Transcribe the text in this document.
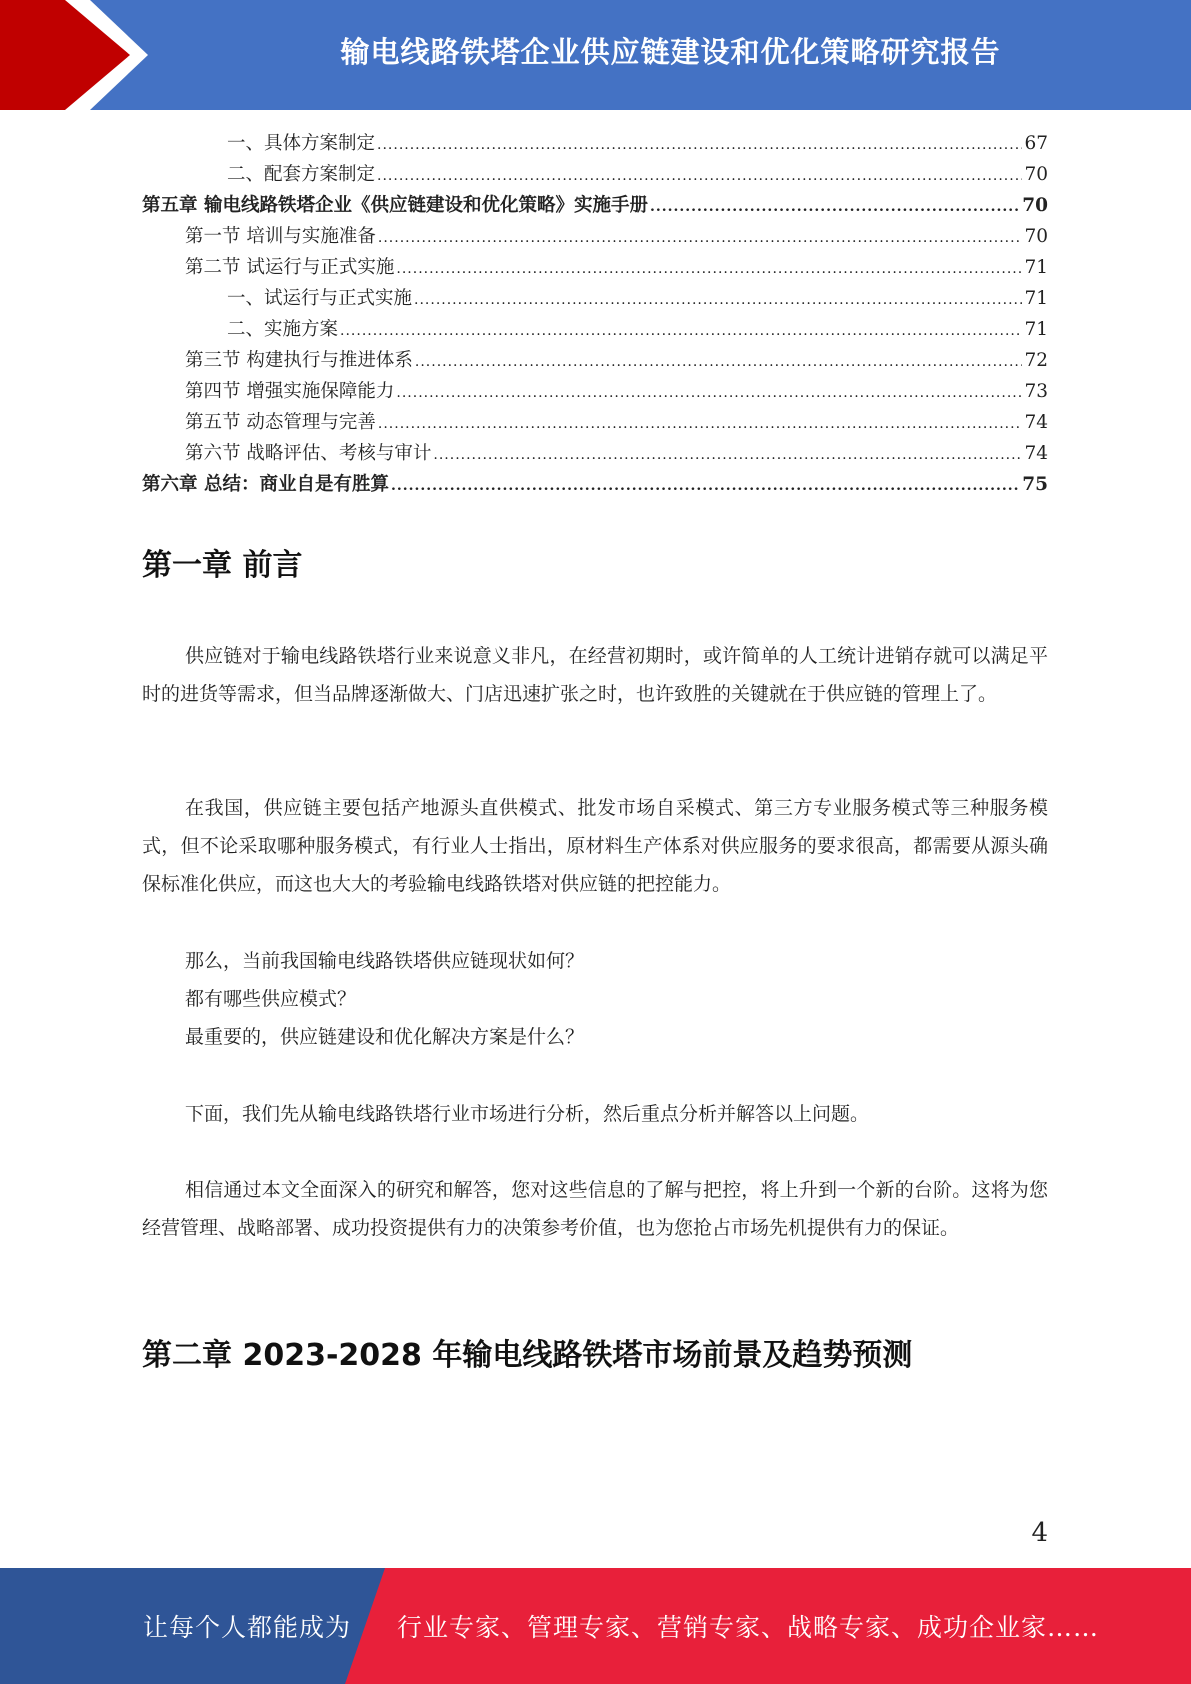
输电线路铁塔企业供应链建设和优化策略研究报告
一、具体方案制定 .....	67
二、配套方案制定 .....	70
第五章 输电线路铁塔企业《供应链建设和优化策略》实施手册 .....	70
第一节 培训与实施准备 .....	70
第二节 试运行与正式实施 .....	71
一、试运行与正式实施 .....	71
二、实施方案 .....	71
第三节 构建执行与推进体系 .....	72
第四节 增强实施保障能力 .....	73
第五节 动态管理与完善 .....	74
第六节 战略评估、考核与审计 .....	74
第六章 总结：商业自是有胜算 .....	75
第一章 前言

供应链对于输电线路铁塔行业来说意义非凡，在经营初期时，或许简单的人工统计进销存就可以满足平时的进货等需求，但当品牌逐渐做大、门店迅速扩张之时，也许致胜的关键就在于供应链的管理上了。

在我国，供应链主要包括产地源头直供模式、批发市场自采模式、第三方专业服务模式等三种服务模式，但不论采取哪种服务模式，有行业人士指出，原材料生产体系对供应服务的要求很高，都需要从源头确保标准化供应，而这也大大的考验输电线路铁塔对供应链的把控能力。

那么，当前我国输电线路铁塔供应链现状如何？

都有哪些供应模式？

最重要的，供应链建设和优化解决方案是什么？

下面，我们先从输电线路铁塔行业市场进行分析，然后重点分析并解答以上问题。

相信通过本文全面深入的研究和解答，您对这些信息的了解与把控，将上升到一个新的台阶。这将为您经营管理、战略部署、成功投资提供有力的决策参考价值，也为您抢占市场先机提供有力的保证。

第二章 2023-2028 年输电线路铁塔市场前景及趋势预测
4
让每个人都能成为 行业专家、管理专家、营销专家、战略专家、成功企业家……
